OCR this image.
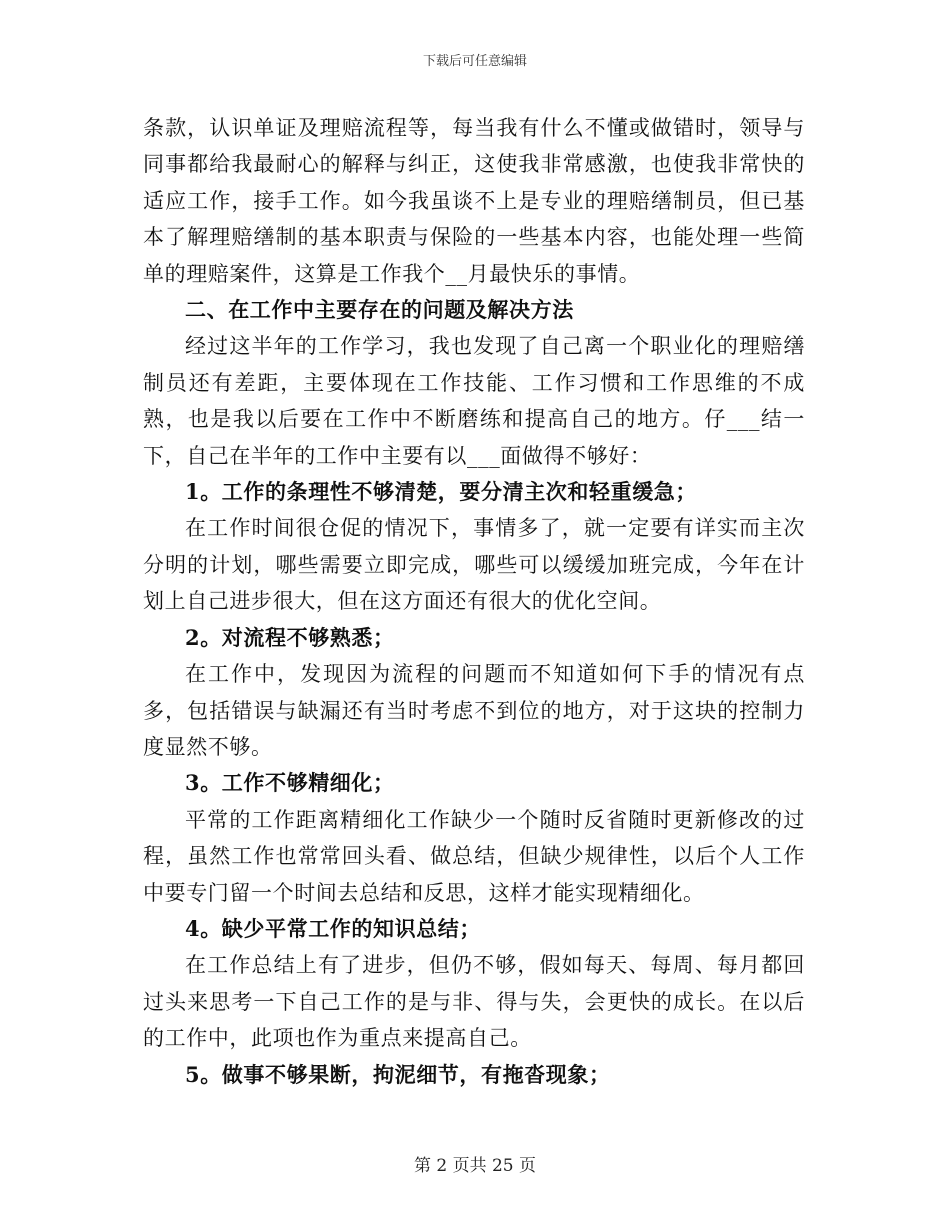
下载后可任意编辑

条款，认识单证及理赔流程等，每当我有什么不懂或做错时，领导与同事都给我最耐心的解释与纠正，这使我非常感激，也使我非常快的适应工作，接手工作。如今我虽谈不上是专业的理赔缮制员，但已基本了解理赔缮制的基本职责与保险的一些基本内容，也能处理一些简单的理赔案件，这算是工作我个__月最快乐的事情。

二、在工作中主要存在的问题及解决方法

经过这半年的工作学习，我也发现了自己离一个职业化的理赔缮制员还有差距，主要体现在工作技能、工作习惯和工作思维的不成熟，也是我以后要在工作中不断磨练和提高自己的地方。仔___结一下，自己在半年的工作中主要有以___面做得不够好：

1。工作的条理性不够清楚，要分清主次和轻重缓急；

在工作时间很仓促的情况下，事情多了，就一定要有详实而主次分明的计划，哪些需要立即完成，哪些可以缓缓加班完成，今年在计划上自己进步很大，但在这方面还有很大的优化空间。

2。对流程不够熟悉；

在工作中，发现因为流程的问题而不知道如何下手的情况有点多，包括错误与缺漏还有当时考虑不到位的地方，对于这块的控制力度显然不够。

3。工作不够精细化；

平常的工作距离精细化工作缺少一个随时反省随时更新修改的过程，虽然工作也常常回头看、做总结，但缺少规律性，以后个人工作中要专门留一个时间去总结和反思，这样才能实现精细化。

4。缺少平常工作的知识总结；

在工作总结上有了进步，但仍不够，假如每天、每周、每月都回过头来思考一下自己工作的是与非、得与失，会更快的成长。在以后的工作中，此项也作为重点来提高自己。

5。做事不够果断，拘泥细节，有拖沓现象；

第 2 页共 25 页
